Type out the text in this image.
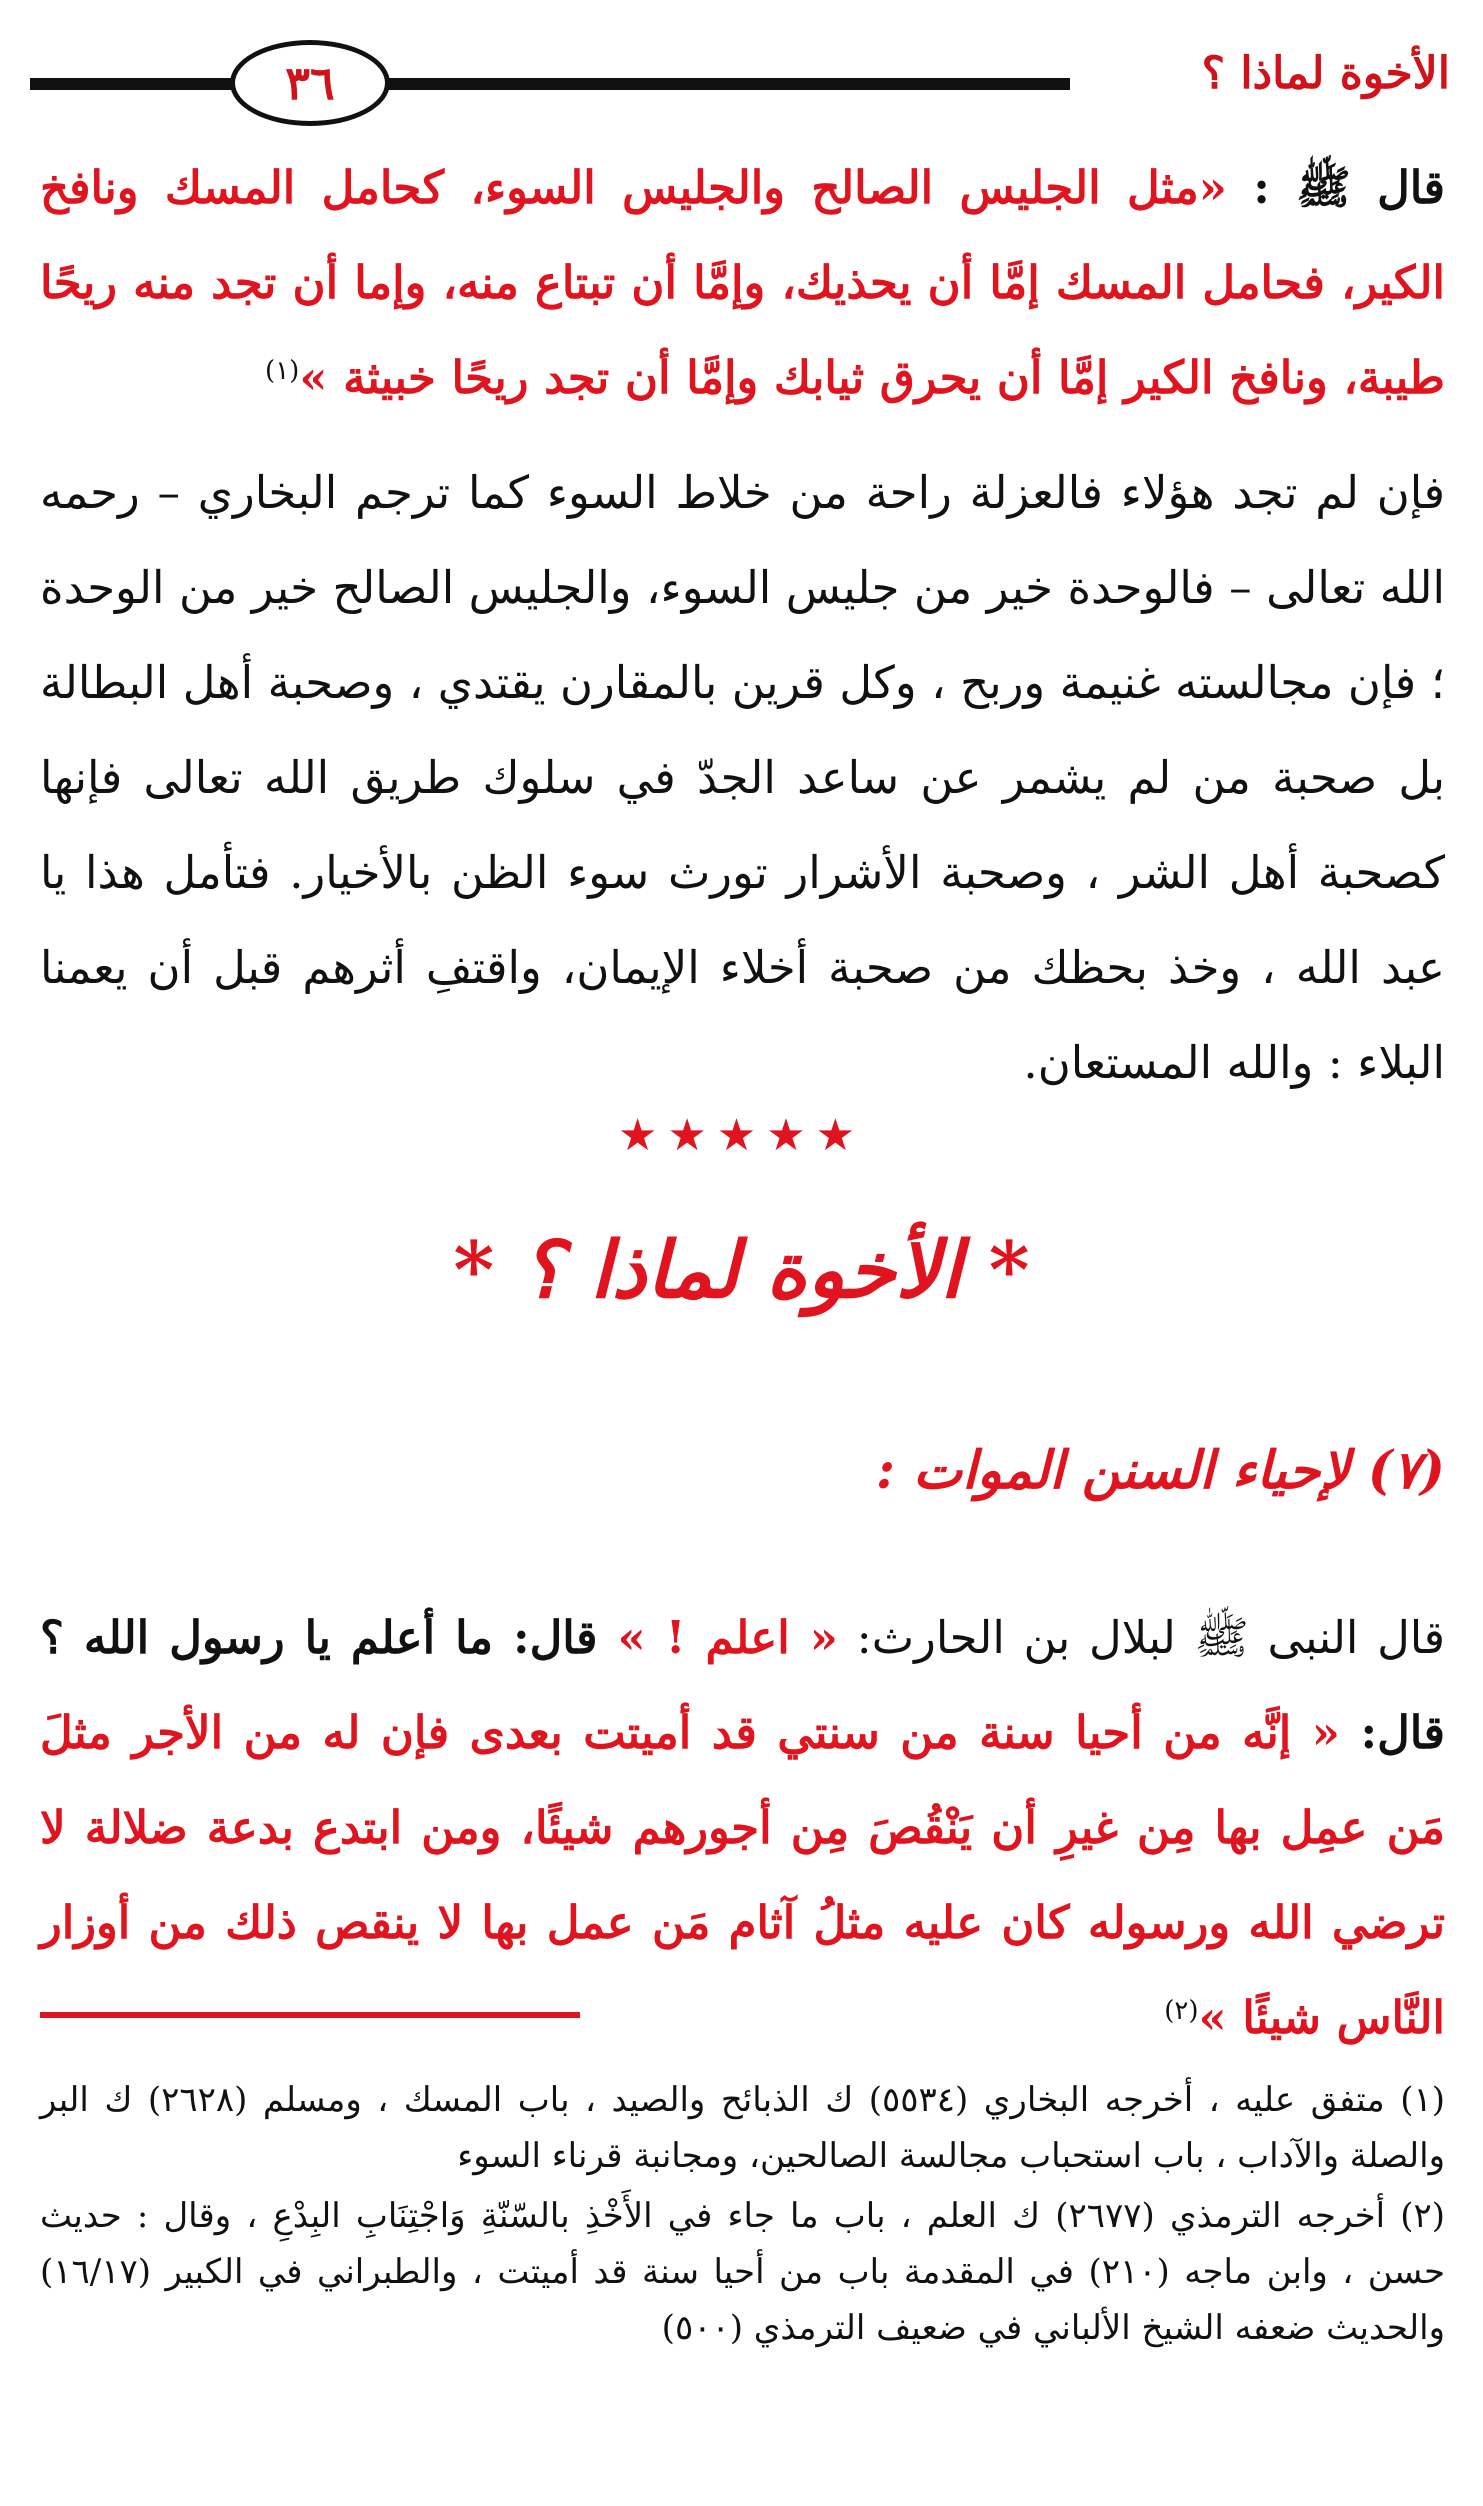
٣٦	الأخوة لماذا ؟
قال ﷺ : «مثل الجليس الصالح والجليس السوء، كحامل المسك ونافخ الكير، فحامل المسك إمَّا أن يحذيك، وإمَّا أن تبتاع منه، وإما أن تجد منه ريحًا طيبة، ونافخ الكير إمَّا أن يحرق ثيابك وإمَّا أن تجد ريحًا خبيثة »$^{(١)}$
فإن لم تجد هؤلاء فالعزلة راحة من خلاط السوء كما ترجم البخاري – رحمه الله تعالى – فالوحدة خير من جليس السوء، والجليس الصالح خير من الوحدة ؛ فإن مجالسته غنيمة وربح ، وكل قرين بالمقارن يقتدي ، وصحبة أهل البطالة بل صحبة من لم يشمر عن ساعد الجدّ في سلوك طريق الله تعالى فإنها كصحبة أهل الشر ، وصحبة الأشرار تورث سوء الظن بالأخيار. فتأمل هذا يا عبد الله ، وخذ بحظك من صحبة أخلاء الإيمان، واقتفِ أثرهم قبل أن يعمنا البلاء : والله المستعان.
★★★★★
* الأخوة لماذا ؟ *
(٧) لإحياء السنن الموات :
قال النبى ﷺ لبلال بن الحارث: « اعلم ! » قال: ما أعلم يا رسول الله ؟ قال: « إنَّه من أحيا سنة من سنتي قد أميتت بعدى فإن له من الأجر مثلَ مَن عمِل بها مِن غيرِ أن يَنْقُصَ مِن أجورهم شيئًا، ومن ابتدع بدعة ضلالة لا ترضي الله ورسوله كان عليه مثلُ آثام مَن عمل بها لا ينقص ذلك من أوزار النَّاس شيئًا »$^{(٢)}$

(١) متفق عليه ، أخرجه البخاري (٥٥٣٤) ك الذبائح والصيد ، باب المسك ، ومسلم (٢٦٢٨) ك البر والصلة والآداب ، باب استحباب مجالسة الصالحين، ومجانبة قرناء السوء

(٢) أخرجه الترمذي (٢٦٧٧) ك العلم ، باب ما جاء في الأَخْذِ بالسّنّةِ وَاجْتِنَابِ البِدْعِ ، وقال : حديث حسن ، وابن ماجه (٢١٠) في المقدمة باب من أحيا سنة قد أميتت ، والطبراني في الكبير (١٦/١٧) والحديث ضعفه الشيخ الألباني في ضعيف الترمذي (٥٠٠)
